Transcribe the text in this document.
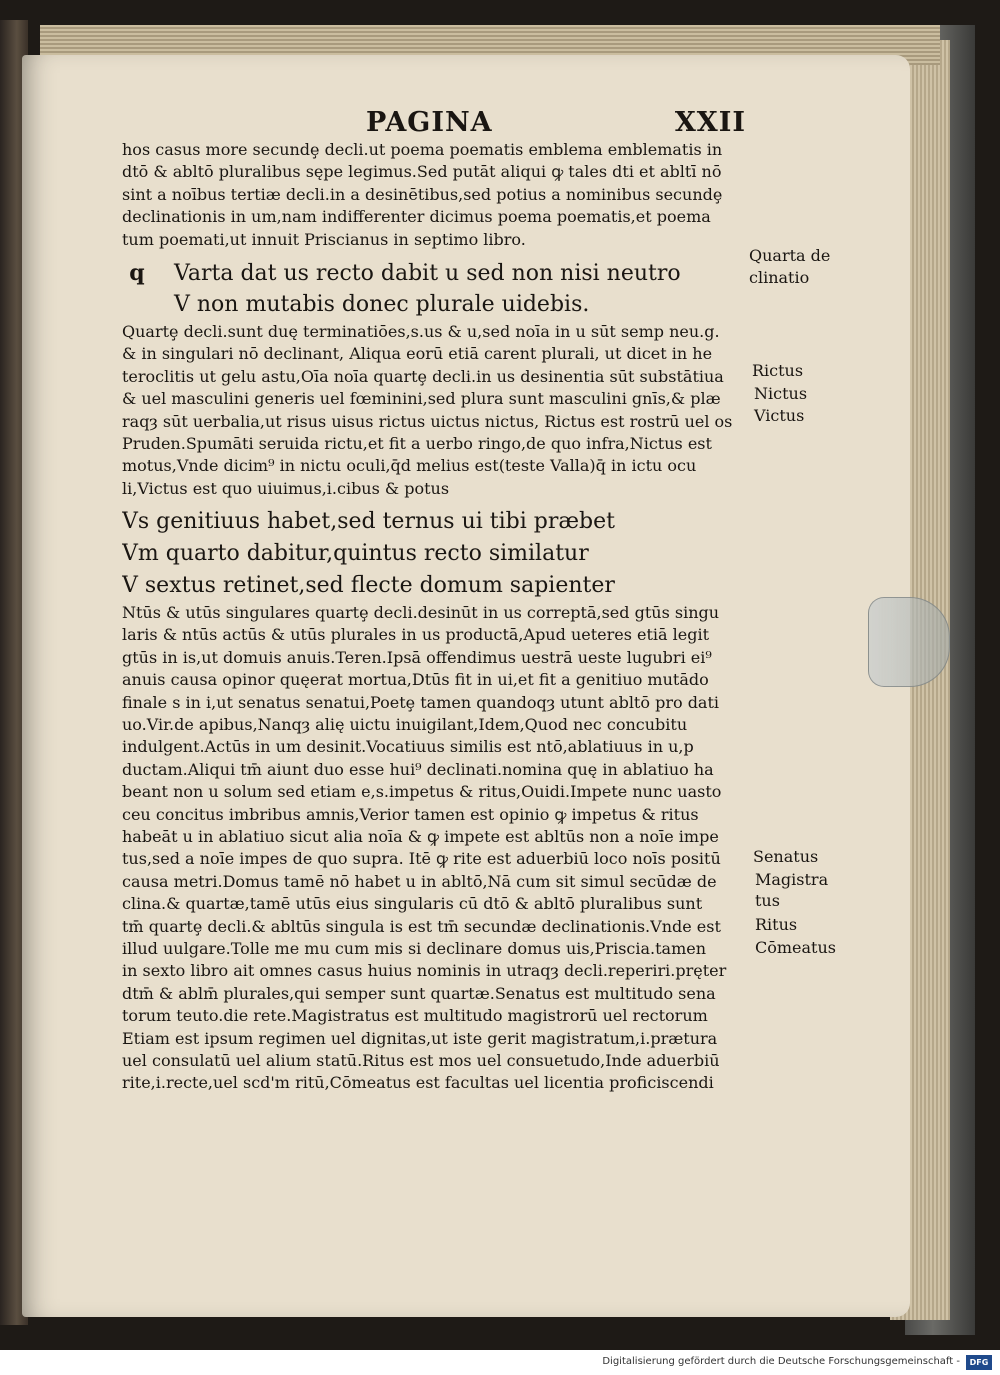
PAGINA	XXII
hos casus more secundȩ decli.ut poema poematis emblema emblematis in
dtō & abltō pluralibus sępe legimus.Sed putāt aliqui ꝙ tales dti et abltī nō
sint a noībus tertiæ decli.in a desinētibus,sed potius a nominibus secundȩ
declinationis in um,nam indifferenter dicimus poema poematis,et poema
tum poemati,ut innuit Priscianus in septimo libro.
q Varta dat us recto dabit u sed non nisi neutro
V non mutabis donec plurale uidebis.
Quartȩ decli.sunt duę terminatiōes,s.us & u,sed noīa in u sūt semp neu.g.
& in singulari nō declinant, Aliqua eorū etiā carent plurali, ut dicet in he
teroclitis ut gelu astu,Oīa noīa quartȩ decli.in us desinentia sūt substātiua
& uel masculini generis uel fœminini,sed plura sunt masculini gnīs,& plæ
raqȝ sūt uerbalia,ut risus uisus rictus uictus nictus, Rictus est rostrū uel os
Pruden.Spumāti seruida rictu,et fit a uerbo ringo,de quo infra,Nictus est
motus,Vnde dicim⁹ in nictu oculi,q̄d melius est(teste Valla)q̄ in ictu ocu
li,Victus est quo uiuimus,i.cibus & potus
Vs genitiuus habet,sed ternus ui tibi præbet
Vm quarto dabitur,quintus recto similatur
V sextus retinet,sed flecte domum sapienter
Ntūs & utūs singulares quartȩ decli.desinūt in us correptā,sed gtūs singu
laris & ntūs actūs & utūs plurales in us productā,Apud ueteres etiā legit
gtūs in is,ut domuis anuis.Teren.Ipsā offendimus uestrā ueste lugubri ei⁹
anuis causa opinor quęerat mortua,Dtūs fit in ui,et fit a genitiuo mutādo
finale s in i,ut senatus senatui,Poetȩ tamen quandoqȝ utunt abltō pro dati
uo.Vir.de apibus,Nanqȝ alię uictu inuigilant,Idem,Quod nec concubitu
indulgent.Actūs in um desinit.Vocatiuus similis est ntō,ablatiuus in u,p
ductam.Aliqui tm̄ aiunt duo esse hui⁹ declinati.nomina quę in ablatiuo ha
beant non u solum sed etiam e,s.impetus & ritus,Ouidi.Impete nunc uasto
ceu concitus imbribus amnis,Verior tamen est opinio ꝙ impetus & ritus
habeāt u in ablatiuo sicut alia noīa & ꝙ impete est abltūs non a noīe impe
tus,sed a noīe impes de quo supra. Itē ꝙ rite est aduerbiū loco noīs positū
causa metri.Domus tamē nō habet u in abltō,Nā cum sit simul secūdæ de
clina.& quartæ,tamē utūs eius singularis cū dtō & abltō pluralibus sunt
tm̄ quartȩ decli.& abltūs singula is est tm̄ secundæ declinationis.Vnde est
illud uulgare.Tolle me mu cum mis si declinare domus uis,Priscia.tamen
in sexto libro ait omnes casus huius nominis in utraqȝ decli.reperiri.pręter
dtm̄ & ablm̄ plurales,qui semper sunt quartæ.Senatus est multitudo sena
torum teuto.die rete.Magistratus est multitudo magistrorū uel rectorum
Etiam est ipsum regimen uel dignitas,ut iste gerit magistratum,i.prætura
uel consulatū uel alium statū.Ritus est mos uel consuetudo,Inde aduerbiū
rite,i.recte,uel scd'm ritū,Cōmeatus est facultas uel licentia proficiscendi
Quarta de
clinatio
Rictus
Nictus
Victus
Senatus
Magistra
tus
Ritus
Cōmeatus
Digitalisierung gefördert durch die Deutsche Forschungsgemeinschaft -	DFG
